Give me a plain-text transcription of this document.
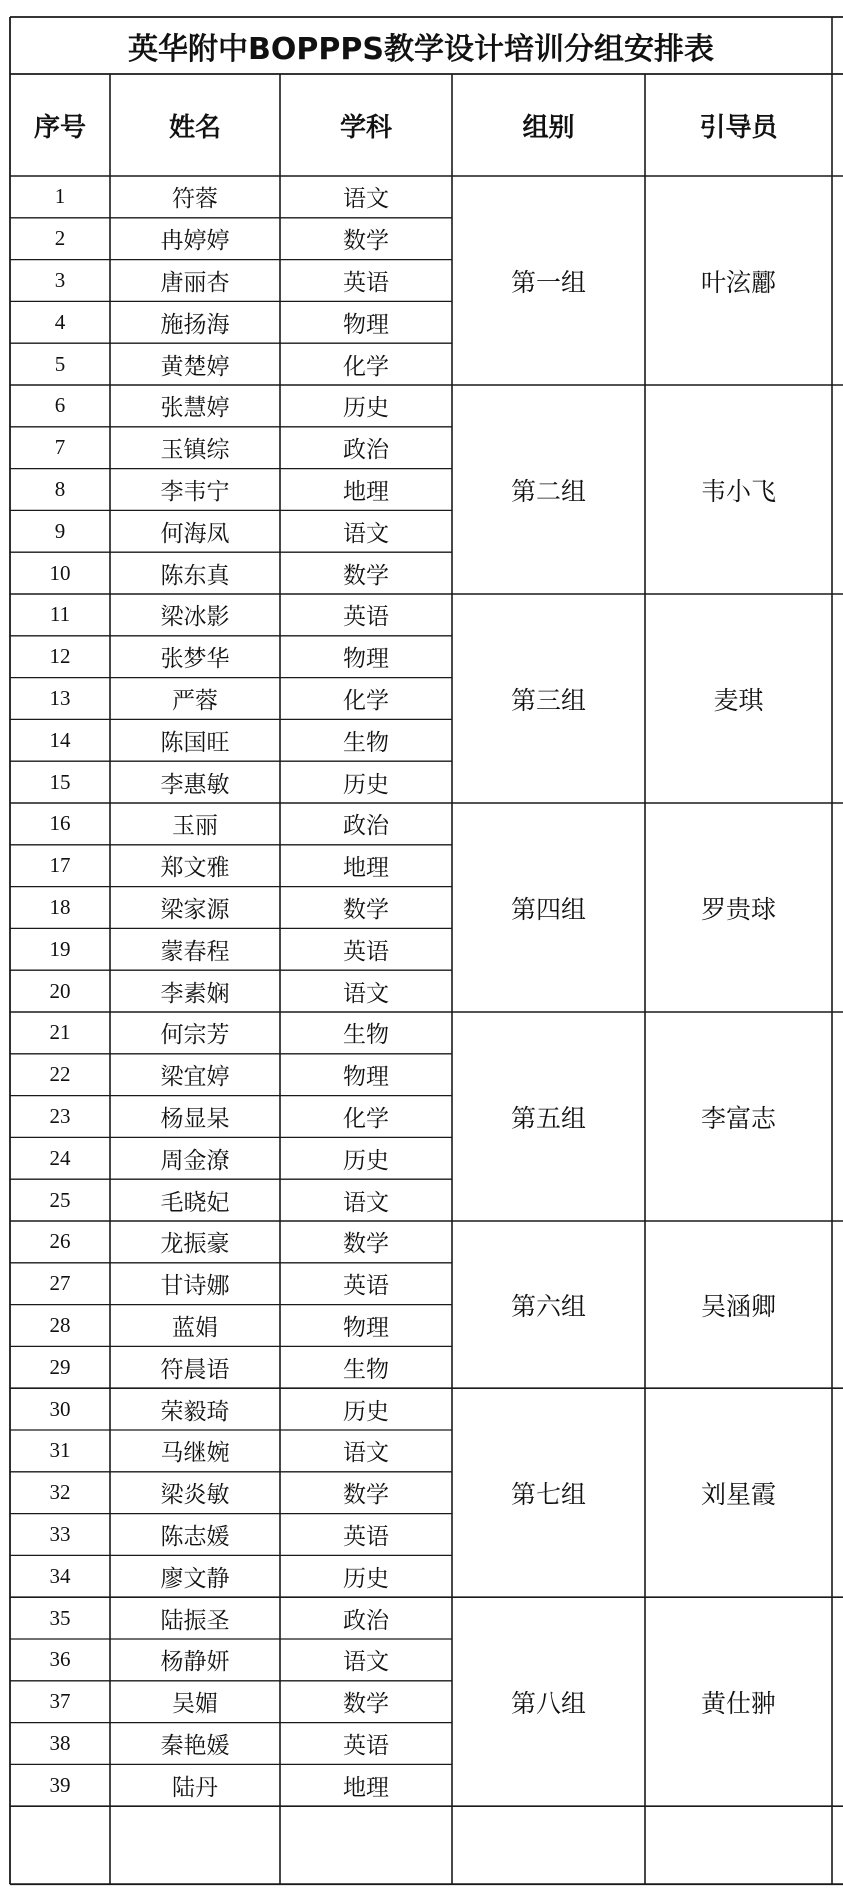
英华附中BOPPPS教学设计培训分组安排表
序号	姓名	学科	组别	引导员
1	符蓉	语文
2	冉婷婷	数学
3	唐丽杏	英语
4	施扬海	物理
5	黄楚婷	化学
第一组	叶泫酈
6	张慧婷	历史
7	玉镇综	政治
8	李韦宁	地理
9	何海凤	语文
10	陈东真	数学
第二组	韦小飞
11	梁冰影	英语
12	张梦华	物理
13	严蓉	化学
14	陈国旺	生物
15	李惠敏	历史
第三组	麦琪
16	玉丽	政治
17	郑文雅	地理
18	梁家源	数学
19	蒙春程	英语
20	李素娴	语文
第四组	罗贵球
21	何宗芳	生物
22	梁宜婷	物理
23	杨显杲	化学
24	周金潦	历史
25	毛晓妃	语文
第五组	李富志
26	龙振豪	数学
27	甘诗娜	英语
28	蓝娟	物理
29	符晨语	生物
第六组	吴涵卿
30	荣毅琦	历史
31	马继婉	语文
32	梁炎敏	数学
33	陈志媛	英语
34	廖文静	历史
第七组	刘星霞
35	陆振圣	政治
36	杨静妍	语文
37	吴媚	数学
38	秦艳媛	英语
39	陆丹	地理
第八组	黄仕翀
